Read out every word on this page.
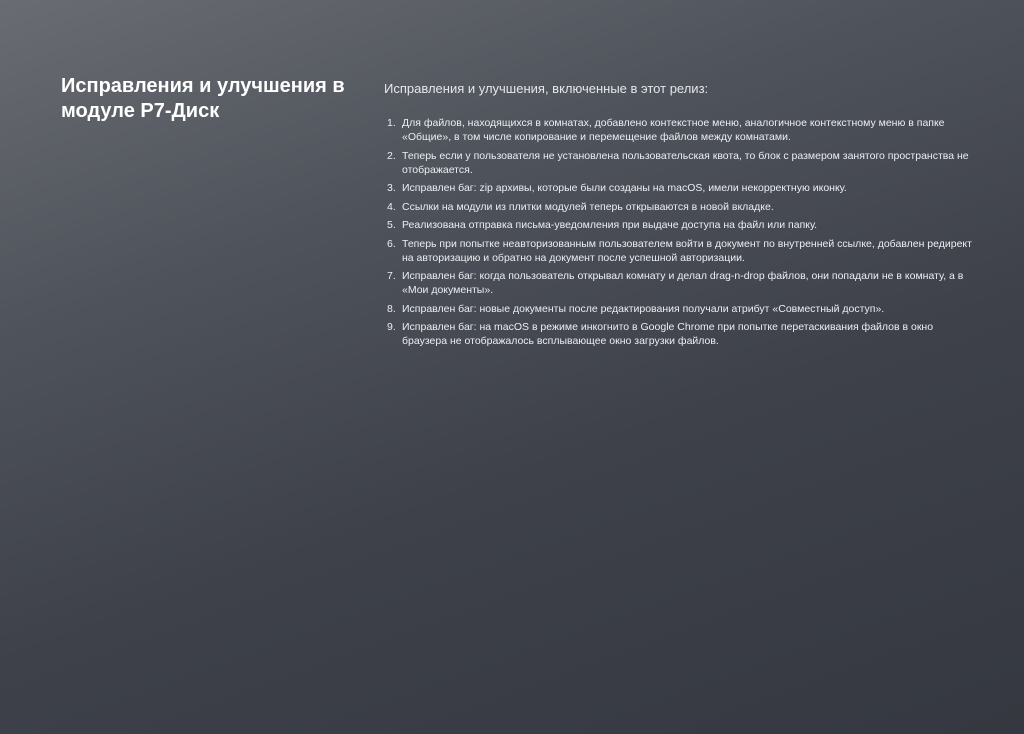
Исправления и улучшения в модуле Р7-Диск

Исправления и улучшения, включенные в этот релиз:

1. Для файлов, находящихся в комнатах, добавлено контекстное меню, аналогичное контекстному меню в папке «Общие», в том числе копирование и перемещение файлов между комнатами.
2. Теперь если у пользователя не установлена пользовательская квота, то блок с размером занятого пространства не отображается.
3. Исправлен баг: zip архивы, которые были созданы на macOS, имели некорректную иконку.
4. Ссылки на модули из плитки модулей теперь открываются в новой вкладке.
5. Реализована отправка письма-уведомления при выдаче доступа на файл или папку.
6. Теперь при попытке неавторизованным пользователем войти в документ по внутренней ссылке, добавлен редирект на авторизацию и обратно на документ после успешной авторизации.
7. Исправлен баг: когда пользователь открывал комнату и делал drag-n-drop файлов, они попадали не в комнату, а в «Мои документы».
8. Исправлен баг: новые документы после редактирования получали атрибут «Совместный доступ».
9. Исправлен баг: на macOS в режиме инкогнито в Google Chrome при попытке перетаскивания файлов в окно браузера не отображалось всплывающее окно загрузки файлов.
